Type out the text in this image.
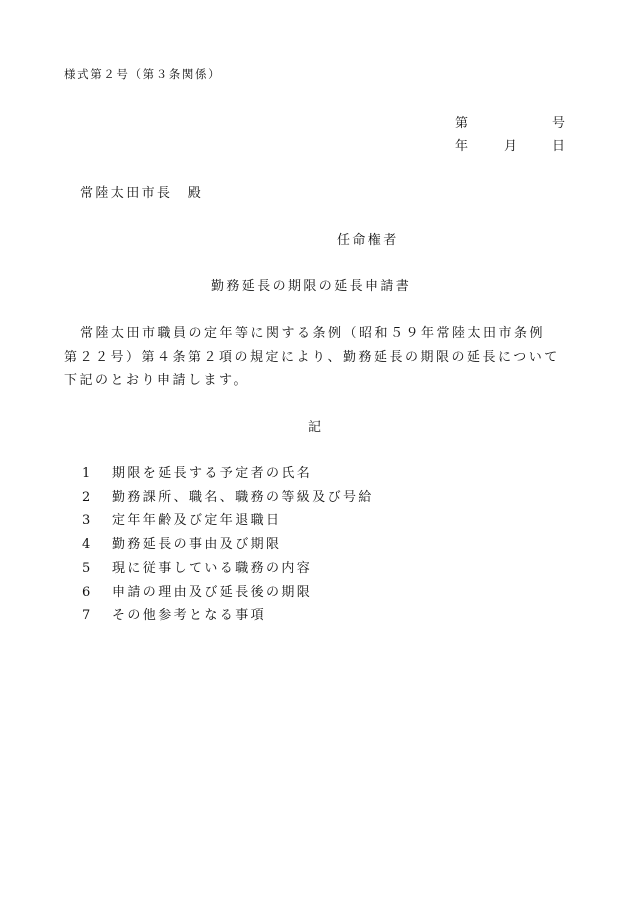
様式第２号（第３条関係）
第	号
年	月	日
常陸太田市長　殿
任命権者
勤務延長の期限の延長申請書
常陸太田市職員の定年等に関する条例（昭和５９年常陸太田市条例
第２２号）第４条第２項の規定により、勤務延長の期限の延長について
下記のとおり申請します。
記
1 期限を延長する予定者の氏名
2 勤務課所、職名、職務の等級及び号給
3 定年年齢及び定年退職日
4 勤務延長の事由及び期限
5 現に従事している職務の内容
6 申請の理由及び延長後の期限
7 その他参考となる事項
